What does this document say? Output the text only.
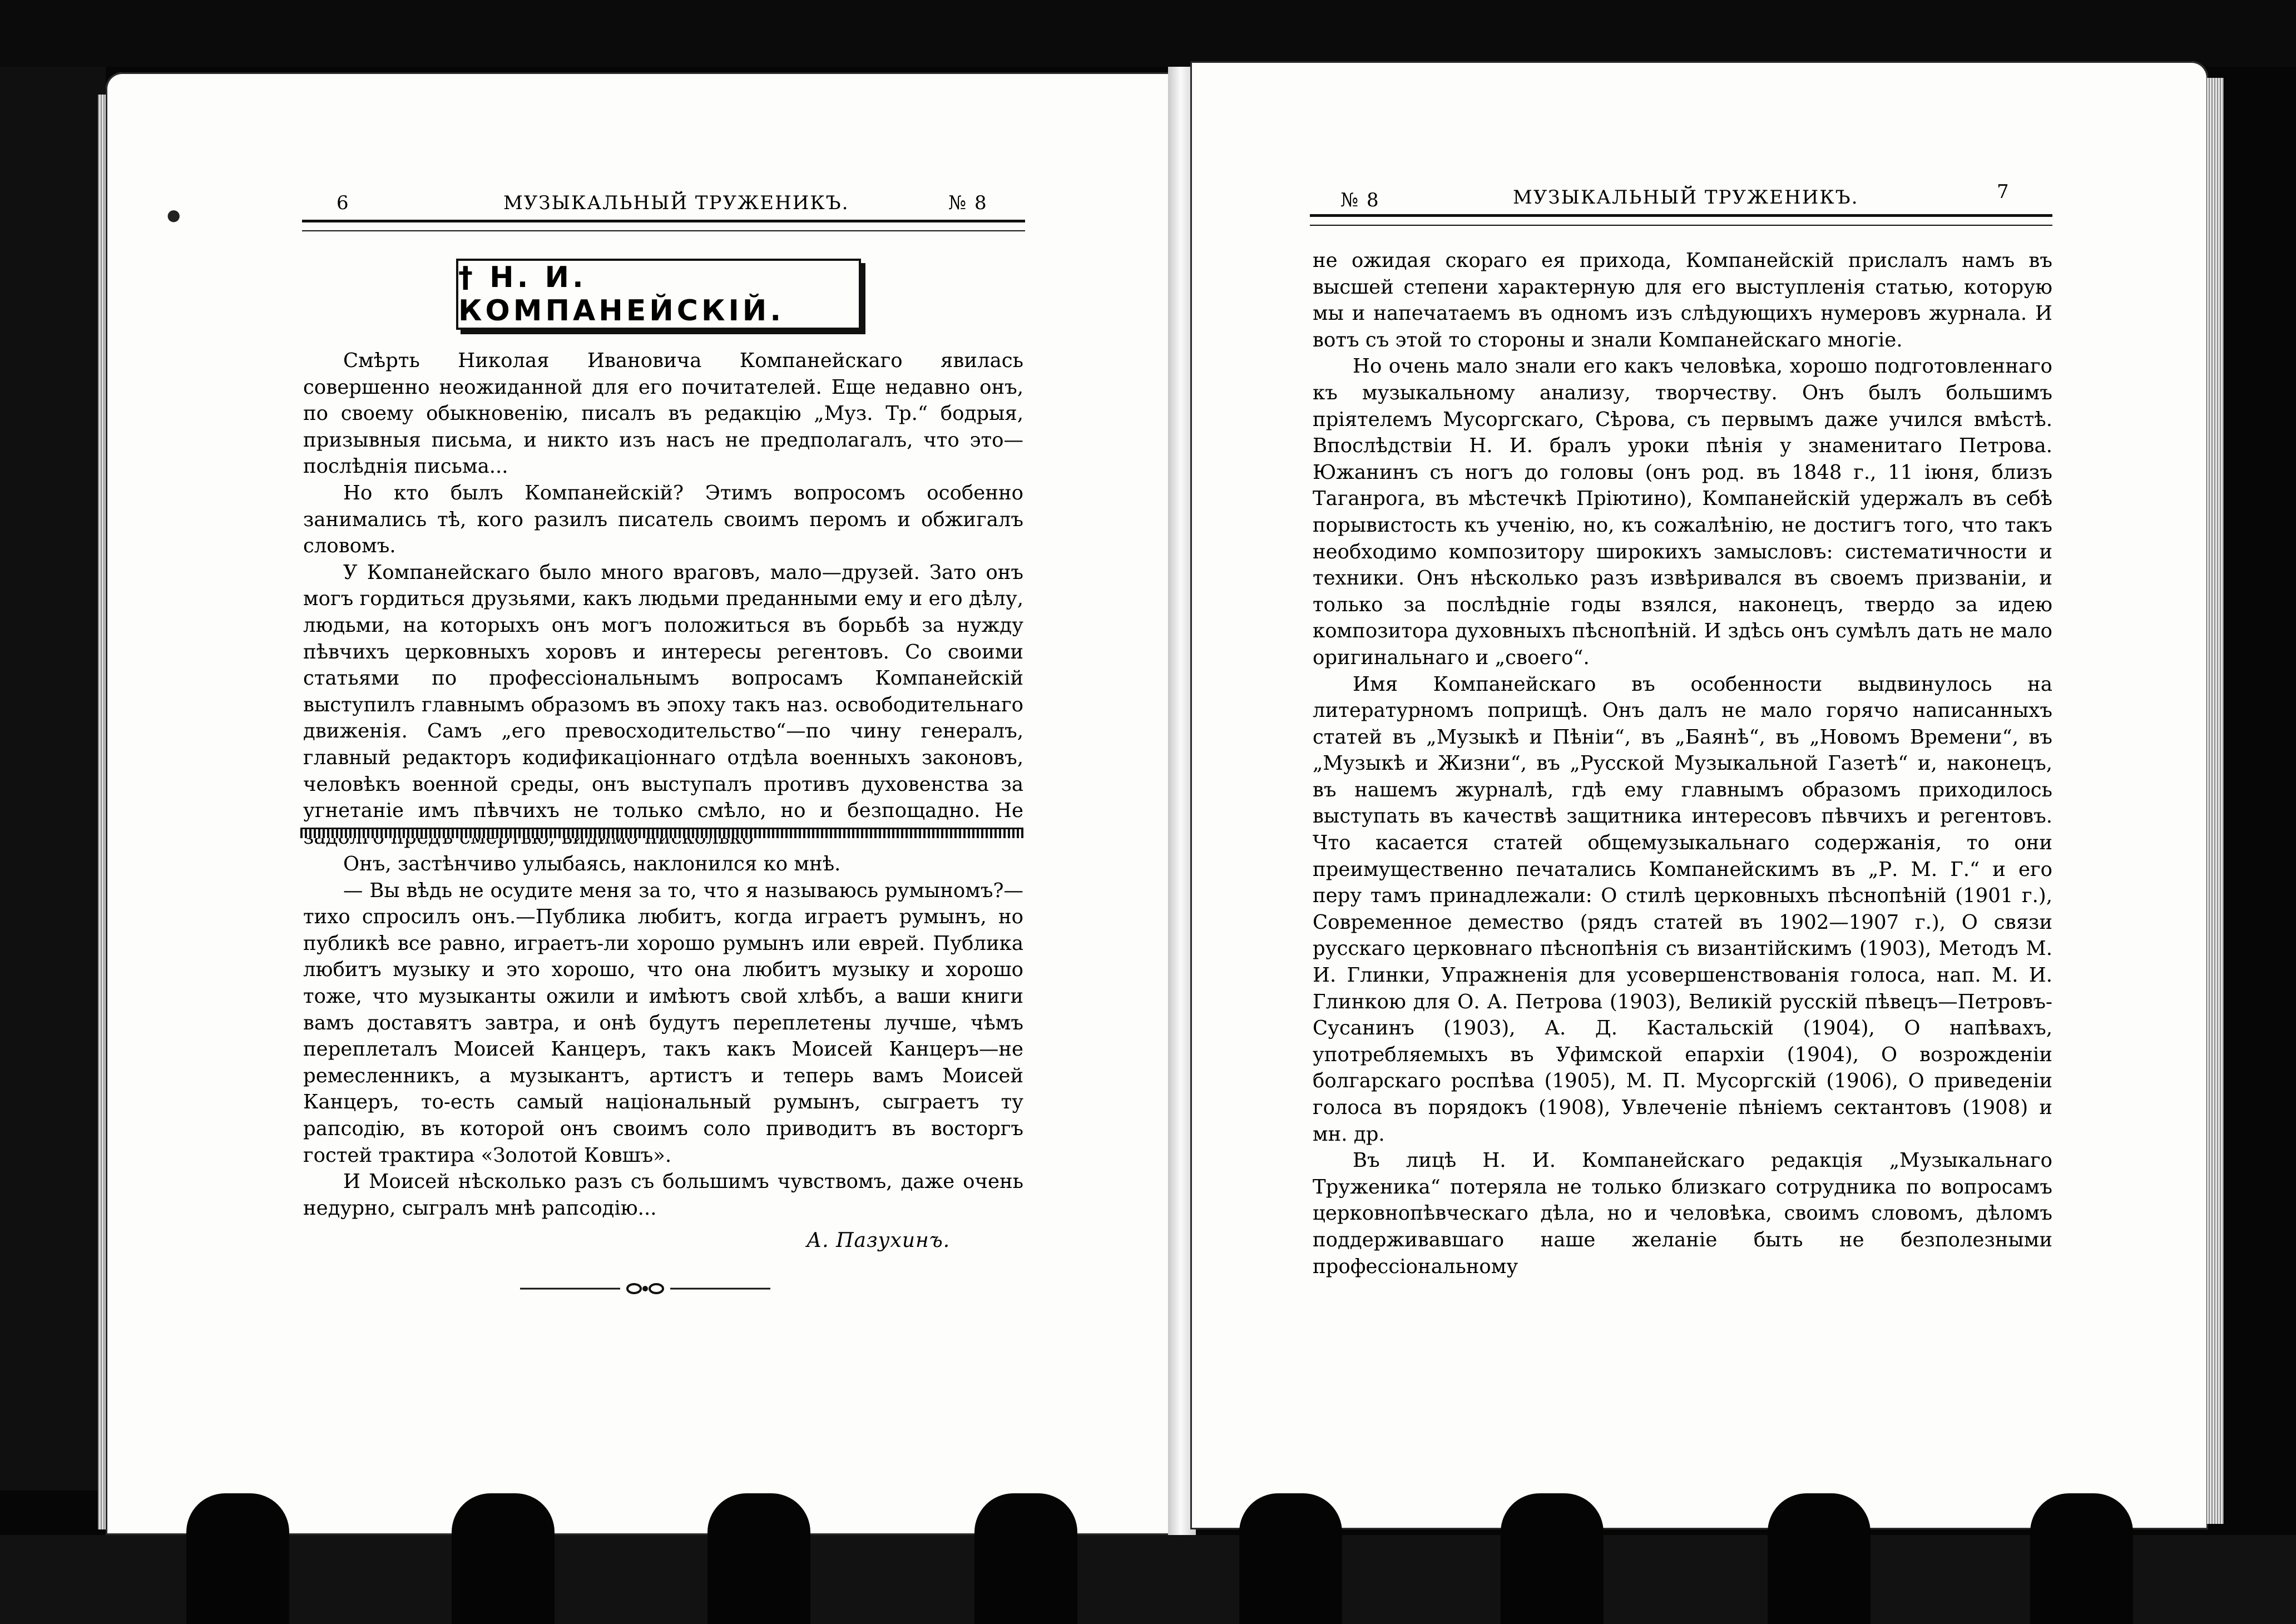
6	МУЗЫКАЛЬНЫЙ ТРУЖЕНИКЪ.	№ 8
† Н. И. КОМПАНЕЙСКІЙ.

Смѣрть Николая Ивановича Компанейскаго явилась совершенно неожиданной для его почитателей. Еще недавно онъ, по своему обыкновенію, писалъ въ редакцію „Муз. Тр.“ бодрыя, призывныя письма, и никто изъ насъ не предполагалъ, что это—послѣднія письма...

Но кто былъ Компанейскій? Этимъ вопросомъ особенно занимались тѣ, кого разилъ писатель своимъ перомъ и обжигалъ словомъ.

У Компанейскаго было много враговъ, мало—друзей. Зато онъ могъ гордиться друзьями, какъ людьми преданными ему и его дѣлу, людьми, на которыхъ онъ могъ положиться въ борьбѣ за нужду пѣвчихъ церковныхъ хоровъ и интересы регентовъ. Со своими статьями по профессіональнымъ вопросамъ Компанейскій выступилъ главнымъ образомъ въ эпоху такъ наз. освободительнаго движенія. Самъ „его превосходительство“—по чину генералъ, главный редакторъ кодификаціоннаго отдѣла военныхъ законовъ, человѣкъ военной среды, онъ выступалъ противъ духовенства за угнетаніе имъ пѣвчихъ не только смѣло, но и безпощадно. Не

Онъ, застѣнчиво улыбаясь, наклонился ко мнѣ.

— Вы вѣдь не осудите меня за то, что я называюсь румыномъ?— тихо спросилъ онъ.—Публика любитъ, когда играетъ румынъ, но публикѣ все равно, играетъ-ли хорошо румынъ или еврей. Публика любитъ музыку и это хорошо, что она любитъ музыку и хорошо тоже, что музыканты ожили и имѣютъ свой хлѣбъ, а ваши книги вамъ доставятъ завтра, и онѣ будутъ переплетены лучше, чѣмъ переплеталъ Моисей Канцеръ, такъ какъ Моисей Канцеръ—не ремесленникъ, а музыкантъ, артистъ и теперь вамъ Моисей Канцеръ, то-есть самый національный румынъ, сыграетъ ту рапсодію, въ которой онъ своимъ соло приводитъ въ восторгъ гостей трактира «Золотой Ковшъ».

И Моисей нѣсколько разъ съ большимъ чувствомъ, даже очень недурно, сыгралъ мнѣ рапсодію...

А. Пазухинъ.
№ 8	МУЗЫКАЛЬНЫЙ ТРУЖЕНИКЪ.	7

не ожидая скораго ея прихода, Компанейскій прислалъ намъ въ высшей степени характерную для его выступленія статью, которую мы и напечатаемъ въ одномъ изъ слѣдующихъ нумеровъ журнала. И вотъ съ этой то стороны и знали Компанейскаго многіе.

Но очень мало знали его какъ человѣка, хорошо подготовленнаго къ музыкальному анализу, творчеству. Онъ былъ большимъ пріятелемъ Мусоргскаго, Сѣрова, съ первымъ даже учился вмѣстѣ. Впослѣдствіи Н. И. бралъ уроки пѣнія у знаменитаго Петрова. Южанинъ съ ногъ до головы (онъ род. въ 1848 г., 11 іюня, близъ Таганрога, въ мѣстечкѣ Пріютино), Компанейскій удержалъ въ себѣ порывистость къ ученію, но, къ сожалѣнію, не достигъ того, что такъ необходимо композитору широкихъ замысловъ: систематичности и техники. Онъ нѣсколько разъ извѣривался въ своемъ призваніи, и только за послѣдніе годы взялся, наконецъ, твердо за идею композитора духовныхъ пѣснопѣній. И здѣсь онъ сумѣлъ дать не мало оригинальнаго и „своего“.

Имя Компанейскаго въ особенности выдвинулось на литературномъ поприщѣ. Онъ далъ не мало горячо написанныхъ статей въ „Музыкѣ и Пѣніи“, въ „Баянѣ“, въ „Новомъ Времени“, въ „Музыкѣ и Жизни“, въ „Русской Музыкальной Газетѣ“ и, наконецъ, въ нашемъ журналѣ, гдѣ ему главнымъ образомъ приходилось выступать въ качествѣ защитника интересовъ пѣвчихъ и регентовъ. Что касается статей общемузыкальнаго содержанія, то они преимущественно печатались Компанейскимъ въ „Р. М. Г.“ и его перу тамъ принадлежали: О стилѣ церковныхъ пѣснопѣній (1901 г.), Современное демество (рядъ статей въ 1902—1907 г.), О связи русскаго церковнаго пѣснопѣнія съ византійскимъ (1903), Методъ М. И. Глинки, Упражненія для усовершенствованія голоса, нап. М. И. Глинкою для О. А. Петрова (1903), Великій русскій пѣвецъ—Петровъ-Сусанинъ (1903), А. Д. Кастальскій (1904), О напѣвахъ, употребляемыхъ въ Уфимской епархіи (1904), О возрожденіи болгарскаго роспѣва (1905), М. П. Мусоргскій (1906), О приведеніи голоса въ порядокъ (1908), Увлеченіе пѣніемъ сектантовъ (1908) и мн. др.

Въ лицѣ Н. И. Компанейскаго редакція „Музыкальнаго Труженика“ потеряла не только близкаго сотрудника по вопросамъ церковнопѣвческаго дѣла, но и человѣка, своимъ словомъ, дѣломъ поддерживавшаго наше желаніе быть не безполезными профессіональному

●
